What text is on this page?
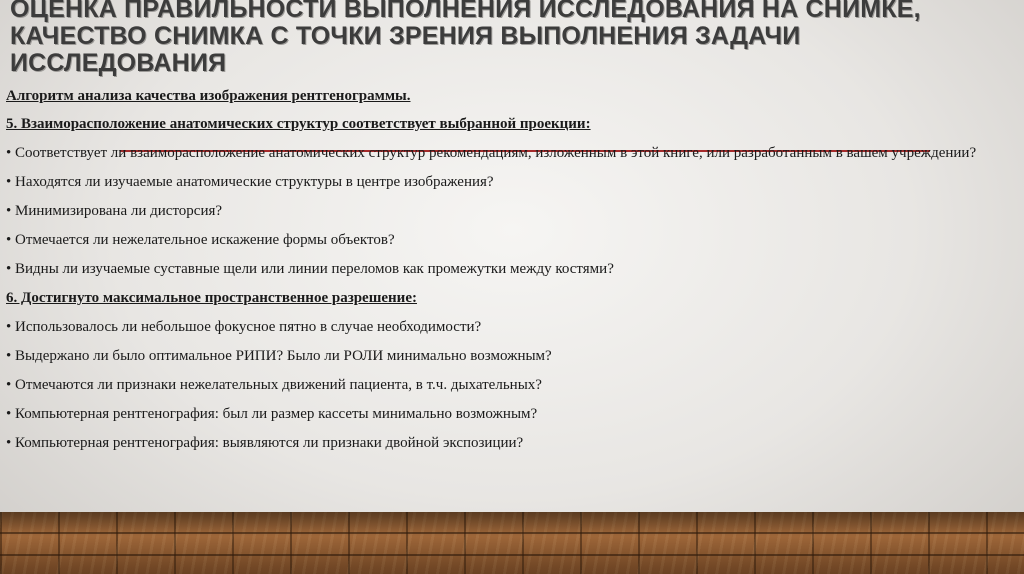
ОЦЕНКА ПРАВИЛЬНОСТИ ВЫПОЛНЕНИЯ ИССЛЕДОВАНИЯ НА СНИМКЕ, КАЧЕСТВО СНИМКА С ТОЧКИ ЗРЕНИЯ ВЫПОЛНЕНИЯ ЗАДАЧИ ИССЛЕДОВАНИЯ

Алгоритм анализа качества изображения рентгенограммы.

5. Взаиморасположение анатомических структур соответствует выбранной проекции:

• Соответствует ли взаиморасположение анатомических структур рекомендациям, изложенным в этой книге, или разработанным в вашем учреждении?

• Находятся ли изучаемые анатомические структуры в центре изображения?

• Минимизирована ли дисторсия?

• Отмечается ли нежелательное искажение формы объектов?

• Видны ли изучаемые суставные щели или линии переломов как промежутки между костями?

6. Достигнуто максимальное пространственное разрешение:

• Использовалось ли небольшое фокусное пятно в случае необходимости?

• Выдержано ли было оптимальное РИПИ? Было ли РОЛИ минимально возможным?

• Отмечаются ли признаки нежелательных движений пациента, в т.ч. дыхательных?

• Компьютерная рентгенография: был ли размер кассеты минимально возможным?

• Компьютерная рентгенография: выявляются ли признаки двойной экспозиции?
